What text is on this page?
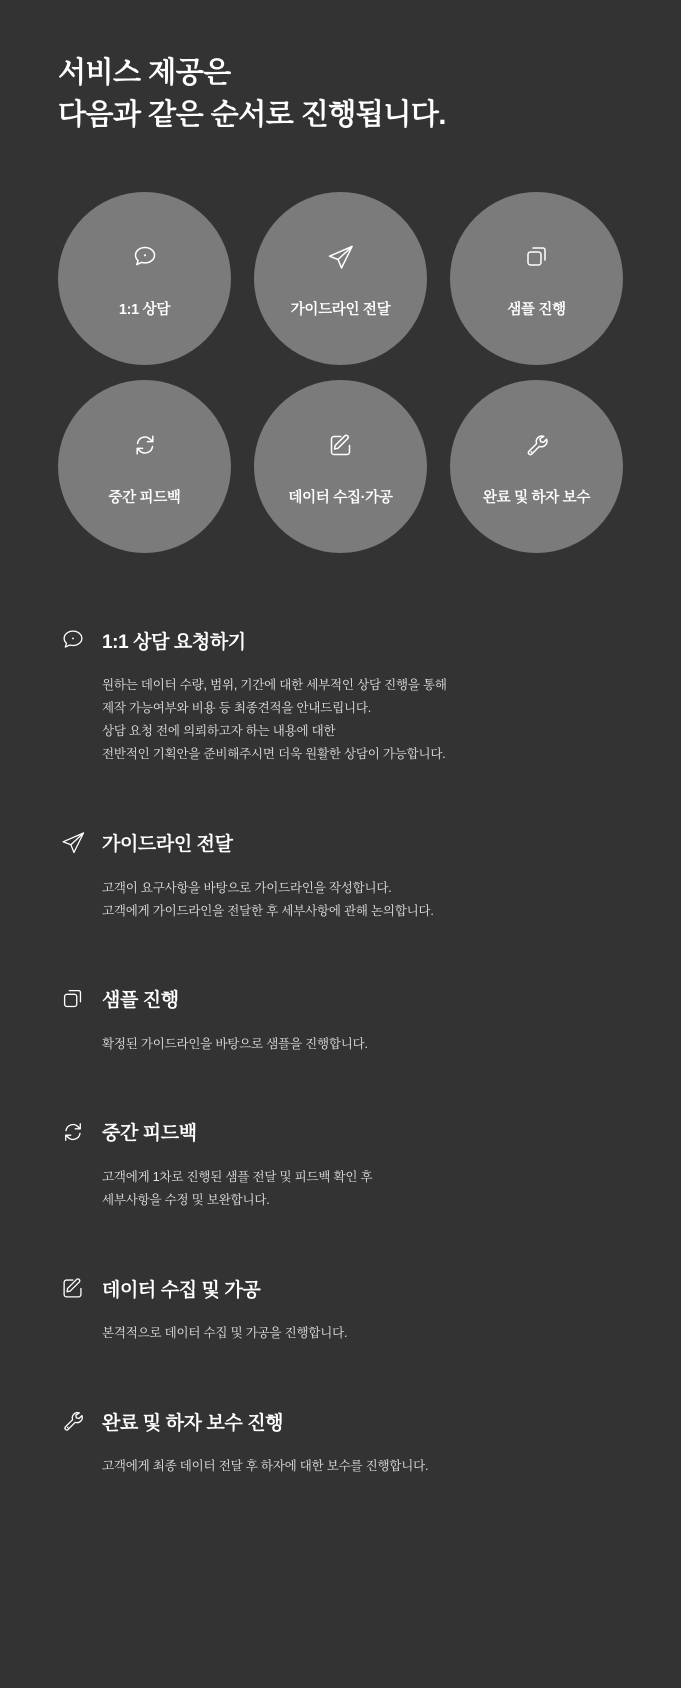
서비스 제공은
다음과 같은 순서로 진행됩니다.
1:1 상담	가이드라인 전달	샘플 진행
중간 피드백	데이터 수집·가공	완료 및 하자 보수
1:1 상담 요청하기

원하는 데이터 수량, 범위, 기간에 대한 세부적인 상담 진행을 통해

제작 가능여부와 비용 등 최종견적을 안내드립니다.

상담 요청 전에 의뢰하고자 하는 내용에 대한

전반적인 기획안을 준비해주시면 더욱 원활한 상담이 가능합니다.

가이드라인 전달

고객이 요구사항을 바탕으로 가이드라인을 작성합니다.

고객에게 가이드라인을 전달한 후 세부사항에 관해 논의합니다.

샘플 진행

확정된 가이드라인을 바탕으로 샘플을 진행합니다.

중간 피드백

고객에게 1차로 진행된 샘플 전달 및 피드백 확인 후

세부사항을 수정 및 보완합니다.

데이터 수집 및 가공

본격적으로 데이터 수집 및 가공을 진행합니다.

완료 및 하자 보수 진행

고객에게 최종 데이터 전달 후 하자에 대한 보수를 진행합니다.
